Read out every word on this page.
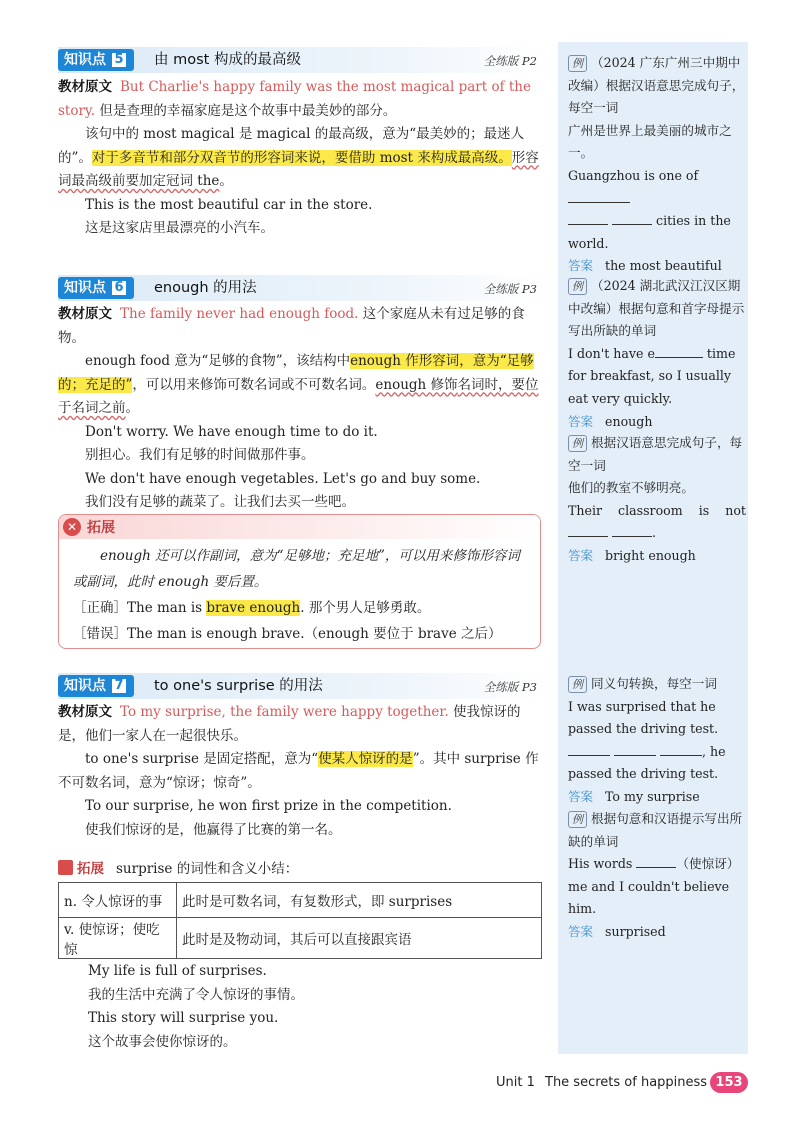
知识点 5	由 most 构成的最高级	全练版 P2
教材原文 But Charlie's happy family was the most magical part of the story. 但是查理的幸福家庭是这个故事中最美妙的部分。
该句中的 most magical 是 magical 的最高级，意为“最美妙的；最迷人的”。对于多音节和部分双音节的形容词来说，要借助 most 来构成最高级。形容词最高级前要加定冠词 the。
This is the most beautiful car in the store.
这是这家店里最漂亮的小汽车。
知识点 6	enough 的用法	全练版 P3
教材原文 The family never had enough food. 这个家庭从未有过足够的食物。
enough food 意为“足够的食物”，该结构中enough 作形容词，意为“足够的；充足的”，可以用来修饰可数名词或不可数名词。enough 修饰名词时，要位于名词之前。
Don't worry. We have enough time to do it.
别担心。我们有足够的时间做那件事。
We don't have enough vegetables. Let's go and buy some.
我们没有足够的蔬菜了。让我们去买一些吧。
✕ 拓展
enough 还可以作副词，意为“足够地；充足地”，可以用来修饰形容词或副词，此时 enough 要后置。
［正确］The man is brave enough. 那个男人足够勇敢。
［错误］The man is enough brave.（enough 要位于 brave 之后）
知识点 7	to one's surprise 的用法	全练版 P3
教材原文 To my surprise, the family were happy together. 使我惊讶的是，他们一家人在一起很快乐。
to one's surprise 是固定搭配，意为“使某人惊讶的是”。其中 surprise 作不可数名词，意为“惊讶；惊奇”。
To our surprise, he won first prize in the competition.
使我们惊讶的是，他赢得了比赛的第一名。
拓展 surprise 的词性和含义小结：
n. 令人惊讶的事	此时是可数名词，有复数形式，即 surprises
v. 使惊讶；使吃惊	此时是及物动词，其后可以直接跟宾语
My life is full of surprises.
我的生活中充满了令人惊讶的事情。
This story will surprise you.
这个故事会使你惊讶的。
例 （2024 广东广州三中期中改编）根据汉语意思完成句子，每空一词
广州是世界上最美丽的城市之一。
Guangzhou is one of
cities in the world.
答案 the most beautiful
例 （2024 湖北武汉江汉区期中改编）根据句意和首字母提示写出所缺的单词
I don't have e	time for breakfast, so I usually eat very quickly.
答案 enough
例 根据汉语意思完成句子，每空一词
他们的教室不够明亮。
Their classroom is not
.
答案 bright enough
例 同义句转换，每空一词
I was surprised that he passed the driving test.
, he passed the driving test.
答案 To my surprise
例 根据句意和汉语提示写出所缺的单词
His words	（使惊讶） me and I couldn't believe him.
答案 surprised
Unit 1 The secrets of happiness 153
